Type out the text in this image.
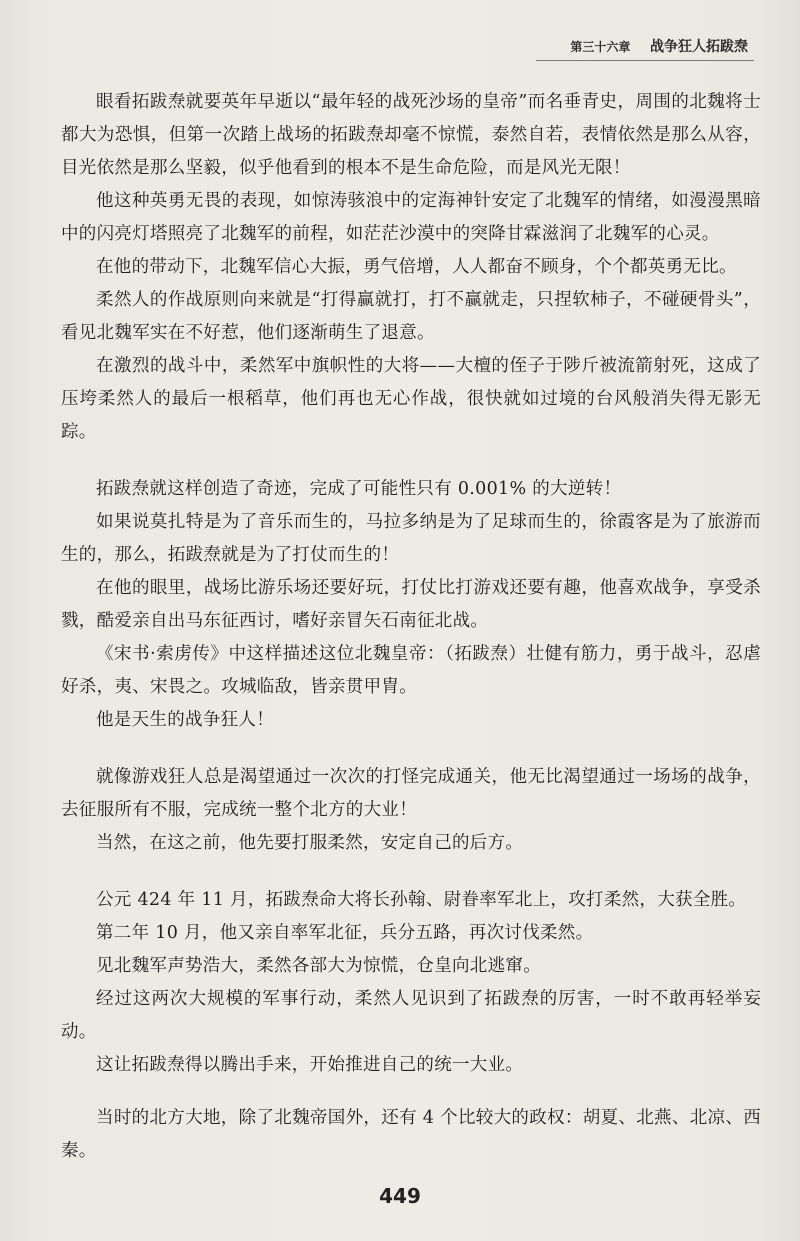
第三十六章 战争狂人拓跋焘

眼看拓跋焘就要英年早逝以“最年轻的战死沙场的皇帝”而名垂青史，周围的北魏将士都大为恐惧，但第一次踏上战场的拓跋焘却毫不惊慌，泰然自若，表情依然是那么从容，目光依然是那么坚毅，似乎他看到的根本不是生命危险，而是风光无限！

他这种英勇无畏的表现，如惊涛骇浪中的定海神针安定了北魏军的情绪，如漫漫黑暗中的闪亮灯塔照亮了北魏军的前程，如茫茫沙漠中的突降甘霖滋润了北魏军的心灵。

在他的带动下，北魏军信心大振，勇气倍增，人人都奋不顾身，个个都英勇无比。

柔然人的作战原则向来就是“打得赢就打，打不赢就走，只捏软柿子，不碰硬骨头”，看见北魏军实在不好惹，他们逐渐萌生了退意。

在激烈的战斗中，柔然军中旗帜性的大将——大檀的侄子于陟斤被流箭射死，这成了压垮柔然人的最后一根稻草，他们再也无心作战，很快就如过境的台风般消失得无影无踪。

拓跋焘就这样创造了奇迹，完成了可能性只有 0.001% 的大逆转！

如果说莫扎特是为了音乐而生的，马拉多纳是为了足球而生的，徐霞客是为了旅游而生的，那么，拓跋焘就是为了打仗而生的！

在他的眼里，战场比游乐场还要好玩，打仗比打游戏还要有趣，他喜欢战争，享受杀戮，酷爱亲自出马东征西讨，嗜好亲冒矢石南征北战。

《宋书·索虏传》中这样描述这位北魏皇帝：（拓跋焘）壮健有筋力，勇于战斗，忍虐好杀，夷、宋畏之。攻城临敌，皆亲贯甲胄。

他是天生的战争狂人！

就像游戏狂人总是渴望通过一次次的打怪完成通关，他无比渴望通过一场场的战争，去征服所有不服，完成统一整个北方的大业！

当然，在这之前，他先要打服柔然，安定自己的后方。

公元 424 年 11 月，拓跋焘命大将长孙翰、尉眷率军北上，攻打柔然，大获全胜。

第二年 10 月，他又亲自率军北征，兵分五路，再次讨伐柔然。

见北魏军声势浩大，柔然各部大为惊慌，仓皇向北逃窜。

经过这两次大规模的军事行动，柔然人见识到了拓跋焘的厉害，一时不敢再轻举妄动。

这让拓跋焘得以腾出手来，开始推进自己的统一大业。

当时的北方大地，除了北魏帝国外，还有 4 个比较大的政权：胡夏、北燕、北凉、西秦。

449
